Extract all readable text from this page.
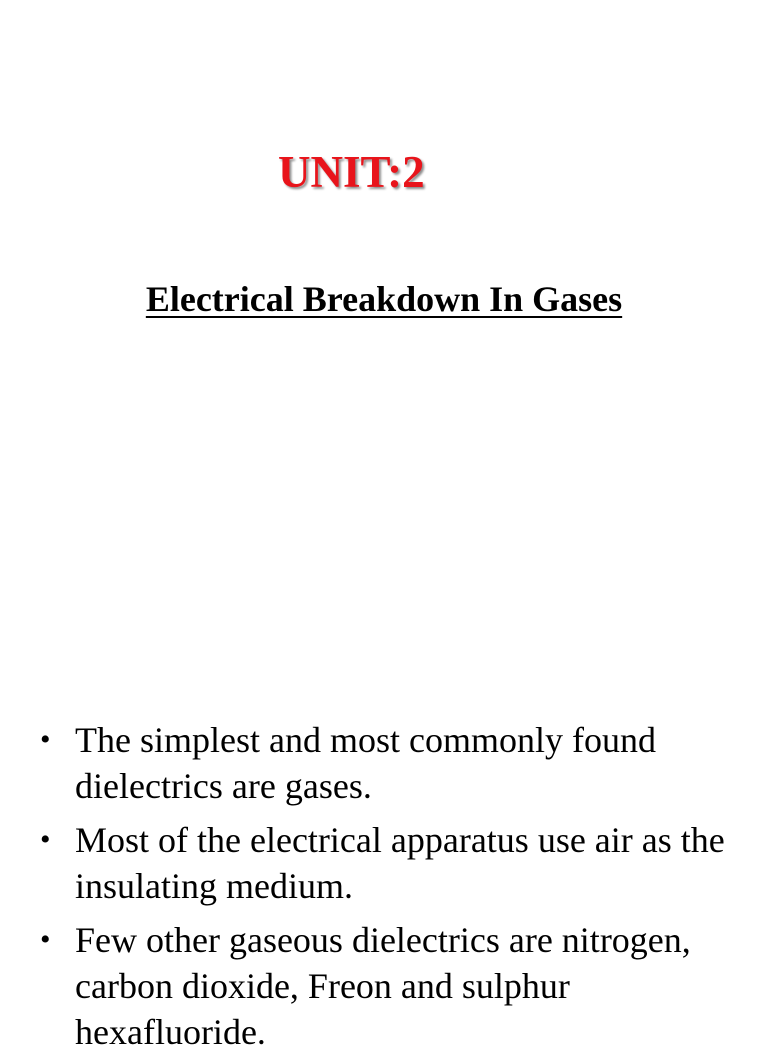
UNIT:2
Electrical Breakdown In Gases
• The simplest and most commonly found dielectrics are gases.
• Most of the electrical apparatus use air as the insulating medium.
• Few other gaseous dielectrics are nitrogen, carbon dioxide, Freon and sulphur hexafluoride.
